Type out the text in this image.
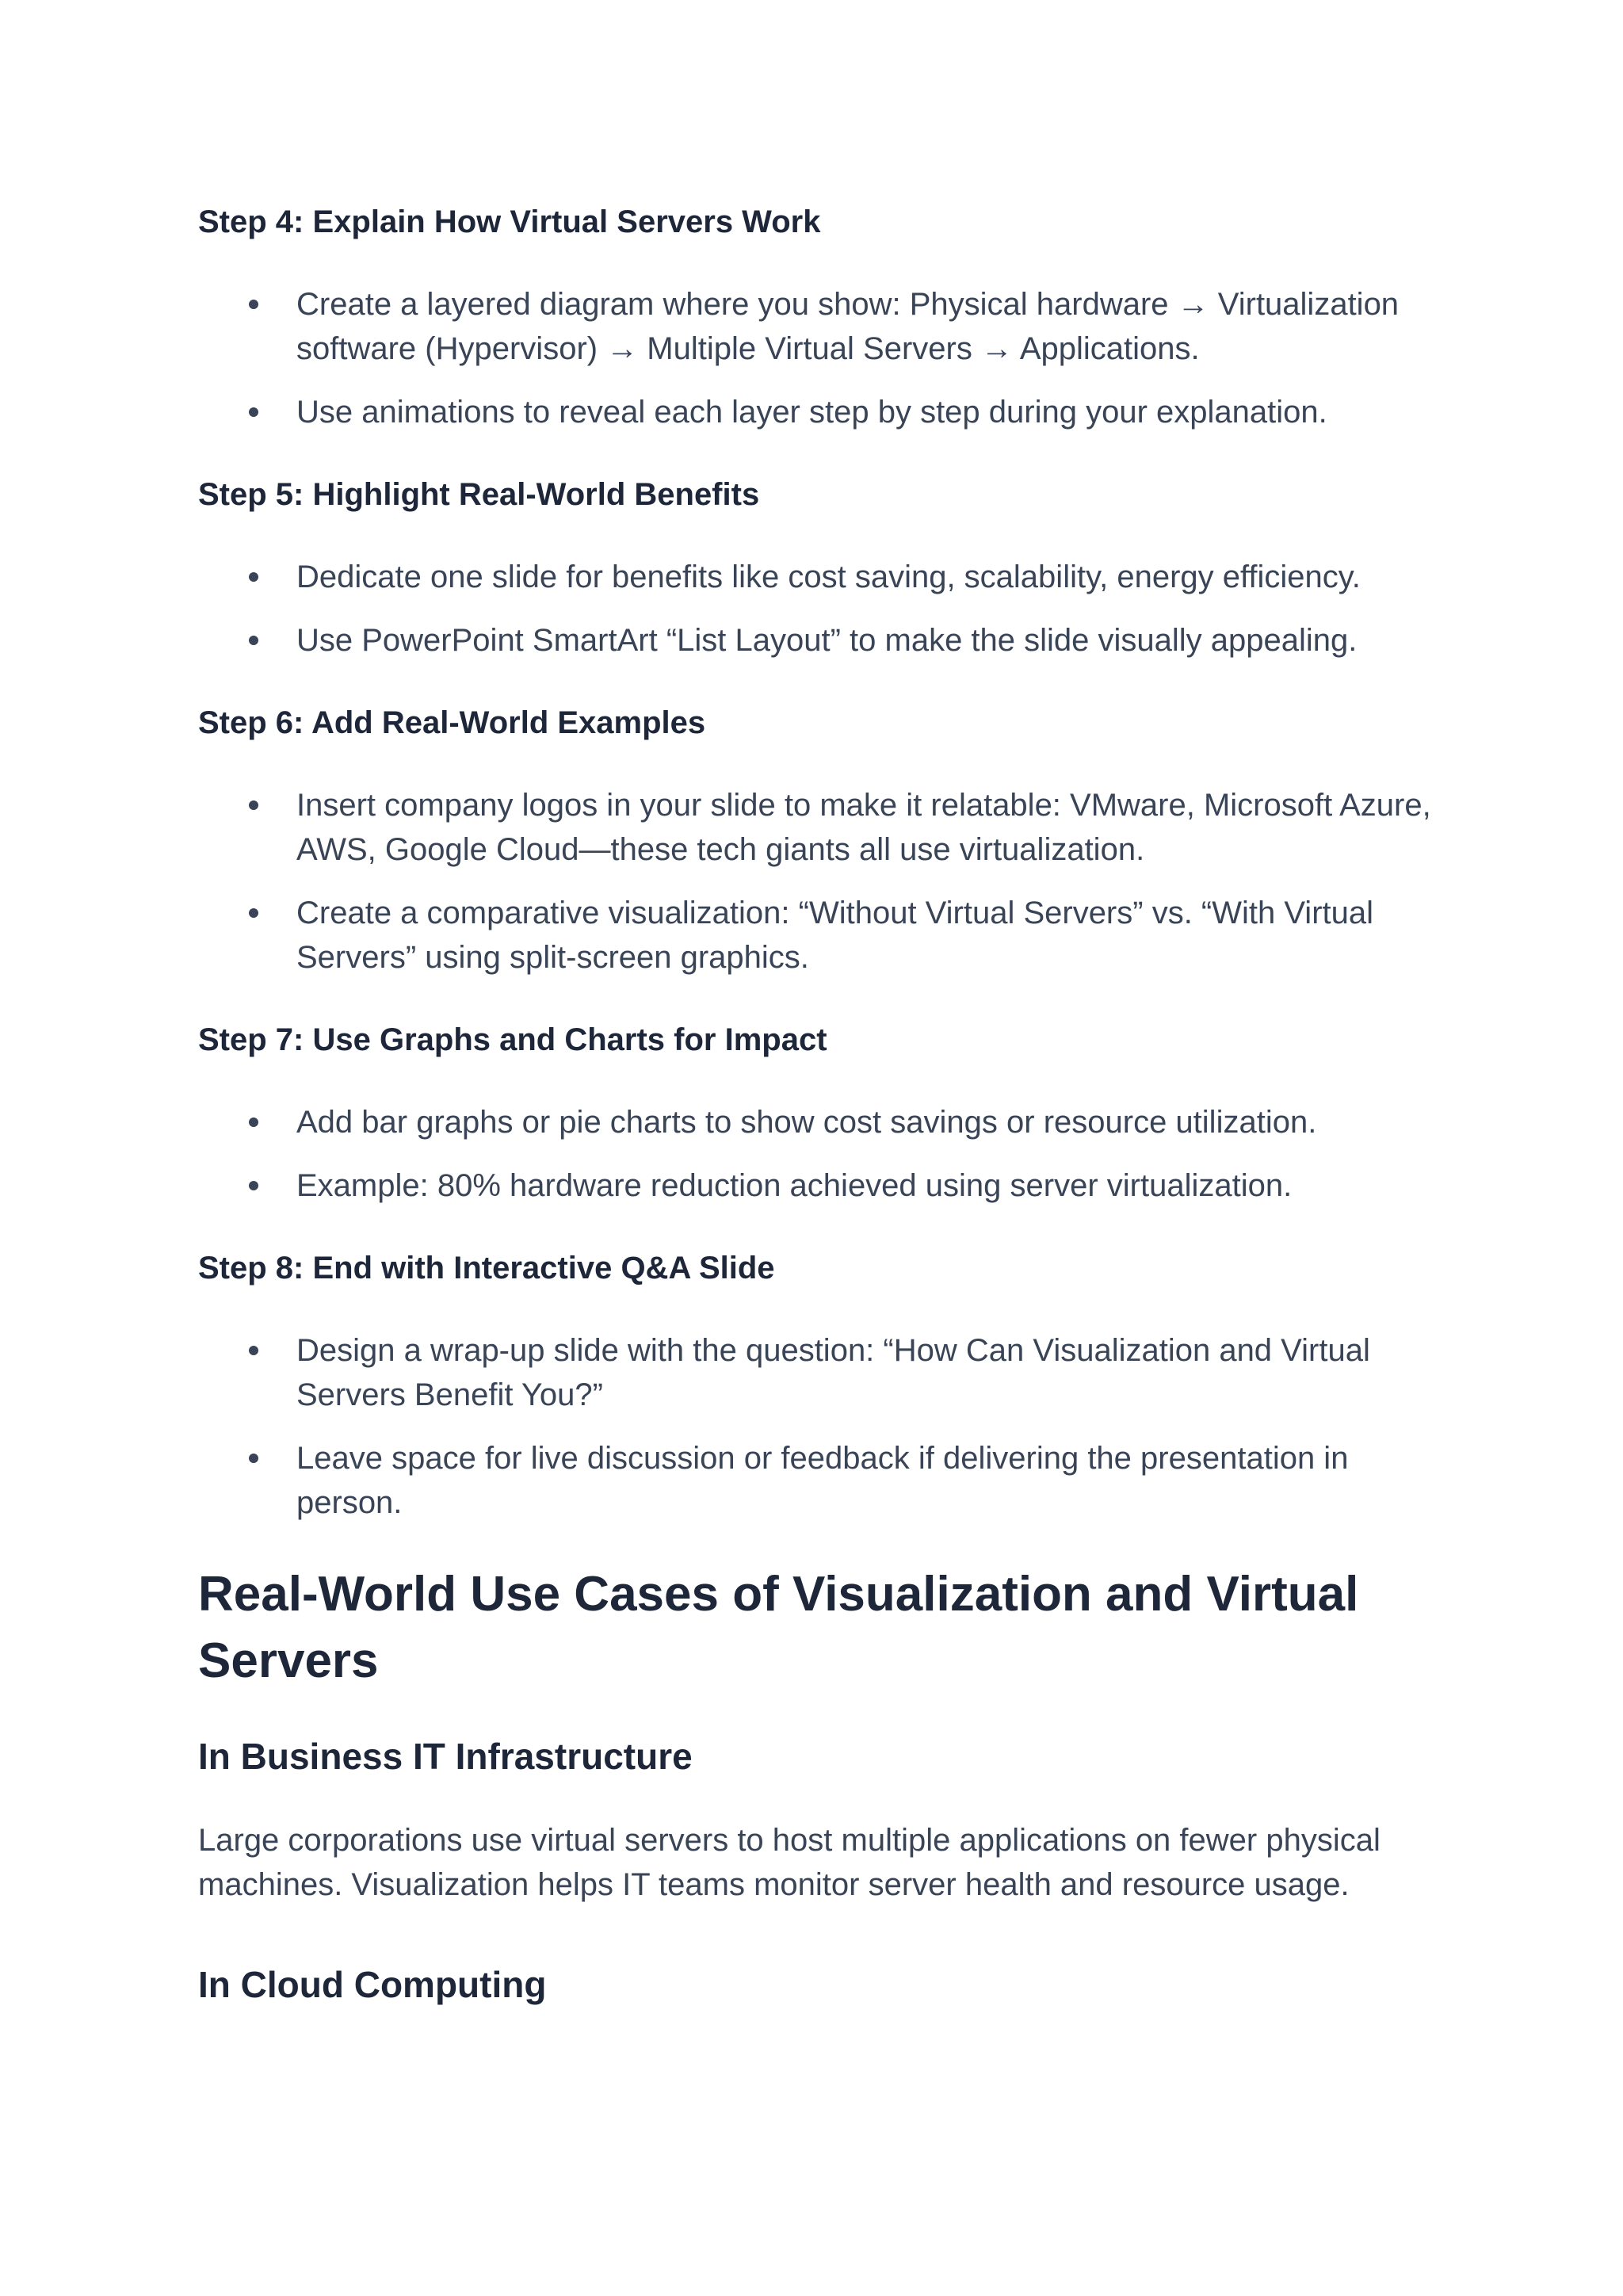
Step 4: Explain How Virtual Servers Work
Create a layered diagram where you show: Physical hardware → Virtualization software (Hypervisor) → Multiple Virtual Servers → Applications.
Use animations to reveal each layer step by step during your explanation.
Step 5: Highlight Real-World Benefits
Dedicate one slide for benefits like cost saving, scalability, energy efficiency.
Use PowerPoint SmartArt “List Layout” to make the slide visually appealing.
Step 6: Add Real-World Examples
Insert company logos in your slide to make it relatable: VMware, Microsoft Azure, AWS, Google Cloud—these tech giants all use virtualization.
Create a comparative visualization: “Without Virtual Servers” vs. “With Virtual Servers” using split-screen graphics.
Step 7: Use Graphs and Charts for Impact
Add bar graphs or pie charts to show cost savings or resource utilization.
Example: 80% hardware reduction achieved using server virtualization.
Step 8: End with Interactive Q&A Slide
Design a wrap-up slide with the question: “How Can Visualization and Virtual Servers Benefit You?”
Leave space for live discussion or feedback if delivering the presentation in person.
Real-World Use Cases of Visualization and Virtual Servers
In Business IT Infrastructure

Large corporations use virtual servers to host multiple applications on fewer physical machines. Visualization helps IT teams monitor server health and resource usage.

In Cloud Computing
